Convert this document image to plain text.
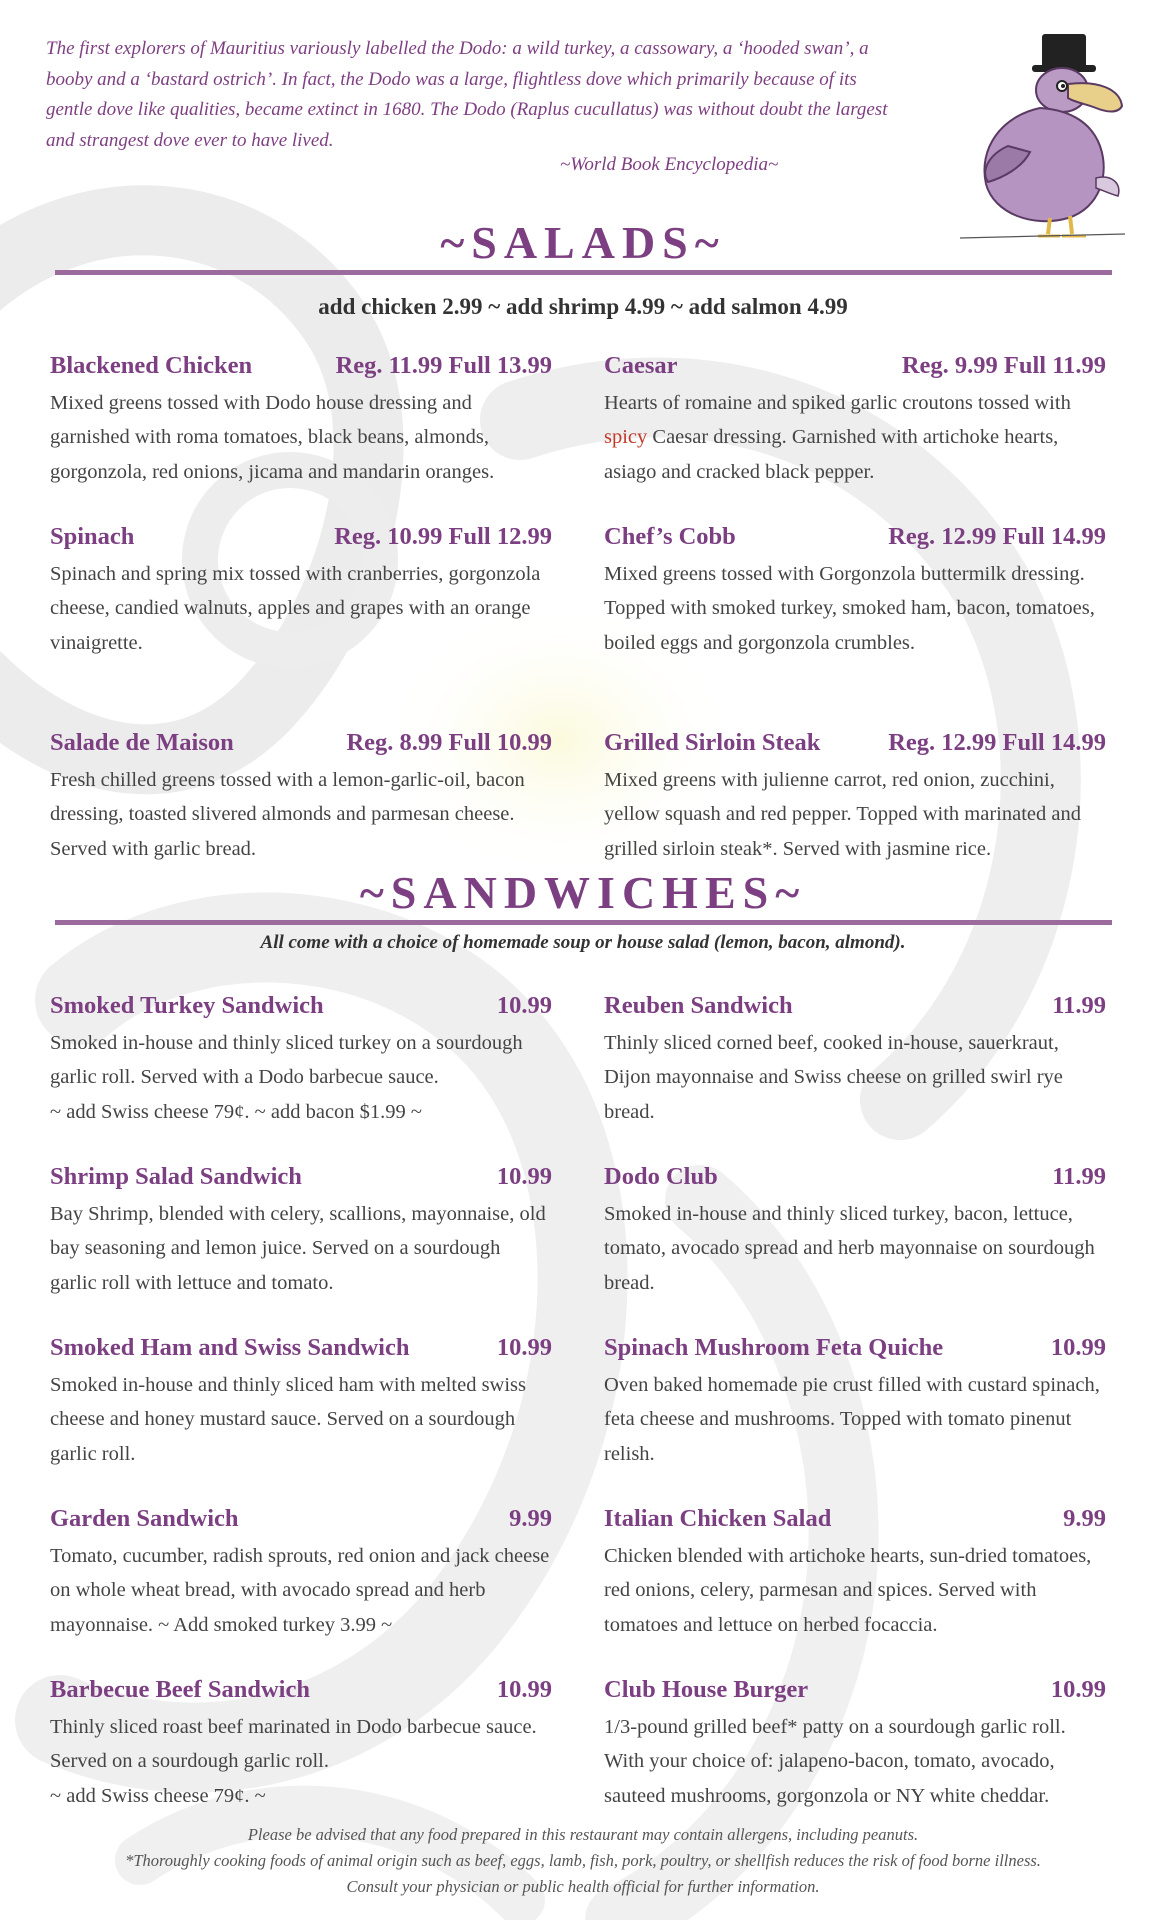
The first explorers of Mauritius variously labelled the Dodo: a wild turkey, a cassowary, a ‘hooded swan’, a booby and a ‘bastard ostrich’. In fact, the Dodo was a large, flightless dove which primarily because of its gentle dove like qualities, became extinct in 1680. The Dodo (Raplus cucullatus) was without doubt the largest and strangest dove ever to have lived.

~World Book Encyclopedia~
~SALADS~
add chicken 2.99 ~ add shrimp 4.99 ~ add salmon 4.99
Blackened Chicken	Reg. 11.99 Full 13.99
Mixed greens tossed with Dodo house dressing and garnished with roma tomatoes, black beans, almonds, gorgonzola, red onions, jicama and mandarin oranges.
Caesar	Reg. 9.99 Full 11.99
Hearts of romaine and spiked garlic croutons tossed with spicy Caesar dressing. Garnished with artichoke hearts, asiago and cracked black pepper.
Spinach	Reg. 10.99 Full 12.99
Spinach and spring mix tossed with cranberries, gorgonzola cheese, candied walnuts, apples and grapes with an orange vinaigrette.
Chef’s Cobb	Reg. 12.99 Full 14.99
Mixed greens tossed with Gorgonzola buttermilk dressing. Topped with smoked turkey, smoked ham, bacon, tomatoes, boiled eggs and gorgonzola crumbles.
Salade de Maison	Reg. 8.99 Full 10.99
Fresh chilled greens tossed with a lemon-garlic-oil, bacon dressing, toasted slivered almonds and parmesan cheese. Served with garlic bread.
Grilled Sirloin Steak	Reg. 12.99 Full 14.99
Mixed greens with julienne carrot, red onion, zucchini, yellow squash and red pepper. Topped with marinated and grilled sirloin steak*. Served with jasmine rice.
~SANDWICHES~
All come with a choice of homemade soup or house salad (lemon, bacon, almond).
Smoked Turkey Sandwich	10.99
Smoked in-house and thinly sliced turkey on a sourdough garlic roll. Served with a Dodo barbecue sauce.
~ add Swiss cheese 79¢. ~ add bacon $1.99 ~
Reuben Sandwich	11.99
Thinly sliced corned beef, cooked in-house, sauerkraut, Dijon mayonnaise and Swiss cheese on grilled swirl rye bread.
Shrimp Salad Sandwich	10.99
Bay Shrimp, blended with celery, scallions, mayonnaise, old bay seasoning and lemon juice. Served on a sourdough garlic roll with lettuce and tomato.
Dodo Club	11.99
Smoked in-house and thinly sliced turkey, bacon, lettuce, tomato, avocado spread and herb mayonnaise on sourdough bread.
Smoked Ham and Swiss Sandwich	10.99
Smoked in-house and thinly sliced ham with melted swiss cheese and honey mustard sauce. Served on a sourdough garlic roll.
Spinach Mushroom Feta Quiche	10.99
Oven baked homemade pie crust filled with custard spinach, feta cheese and mushrooms. Topped with tomato pinenut relish.
Garden Sandwich	9.99
Tomato, cucumber, radish sprouts, red onion and jack cheese on whole wheat bread, with avocado spread and herb mayonnaise. ~ Add smoked turkey 3.99 ~
Italian Chicken Salad	9.99
Chicken blended with artichoke hearts, sun-dried tomatoes, red onions, celery, parmesan and spices. Served with tomatoes and lettuce on herbed focaccia.
Barbecue Beef Sandwich	10.99
Thinly sliced roast beef marinated in Dodo barbecue sauce. Served on a sourdough garlic roll.
~ add Swiss cheese 79¢. ~
Club House Burger	10.99
1/3-pound grilled beef* patty on a sourdough garlic roll. With your choice of: jalapeno-bacon, tomato, avocado, sauteed mushrooms, gorgonzola or NY white cheddar.
Please be advised that any food prepared in this restaurant may contain allergens, including peanuts.
*Thoroughly cooking foods of animal origin such as beef, eggs, lamb, fish, pork, poultry, or shellfish reduces the risk of food borne illness.
Consult your physician or public health official for further information.
